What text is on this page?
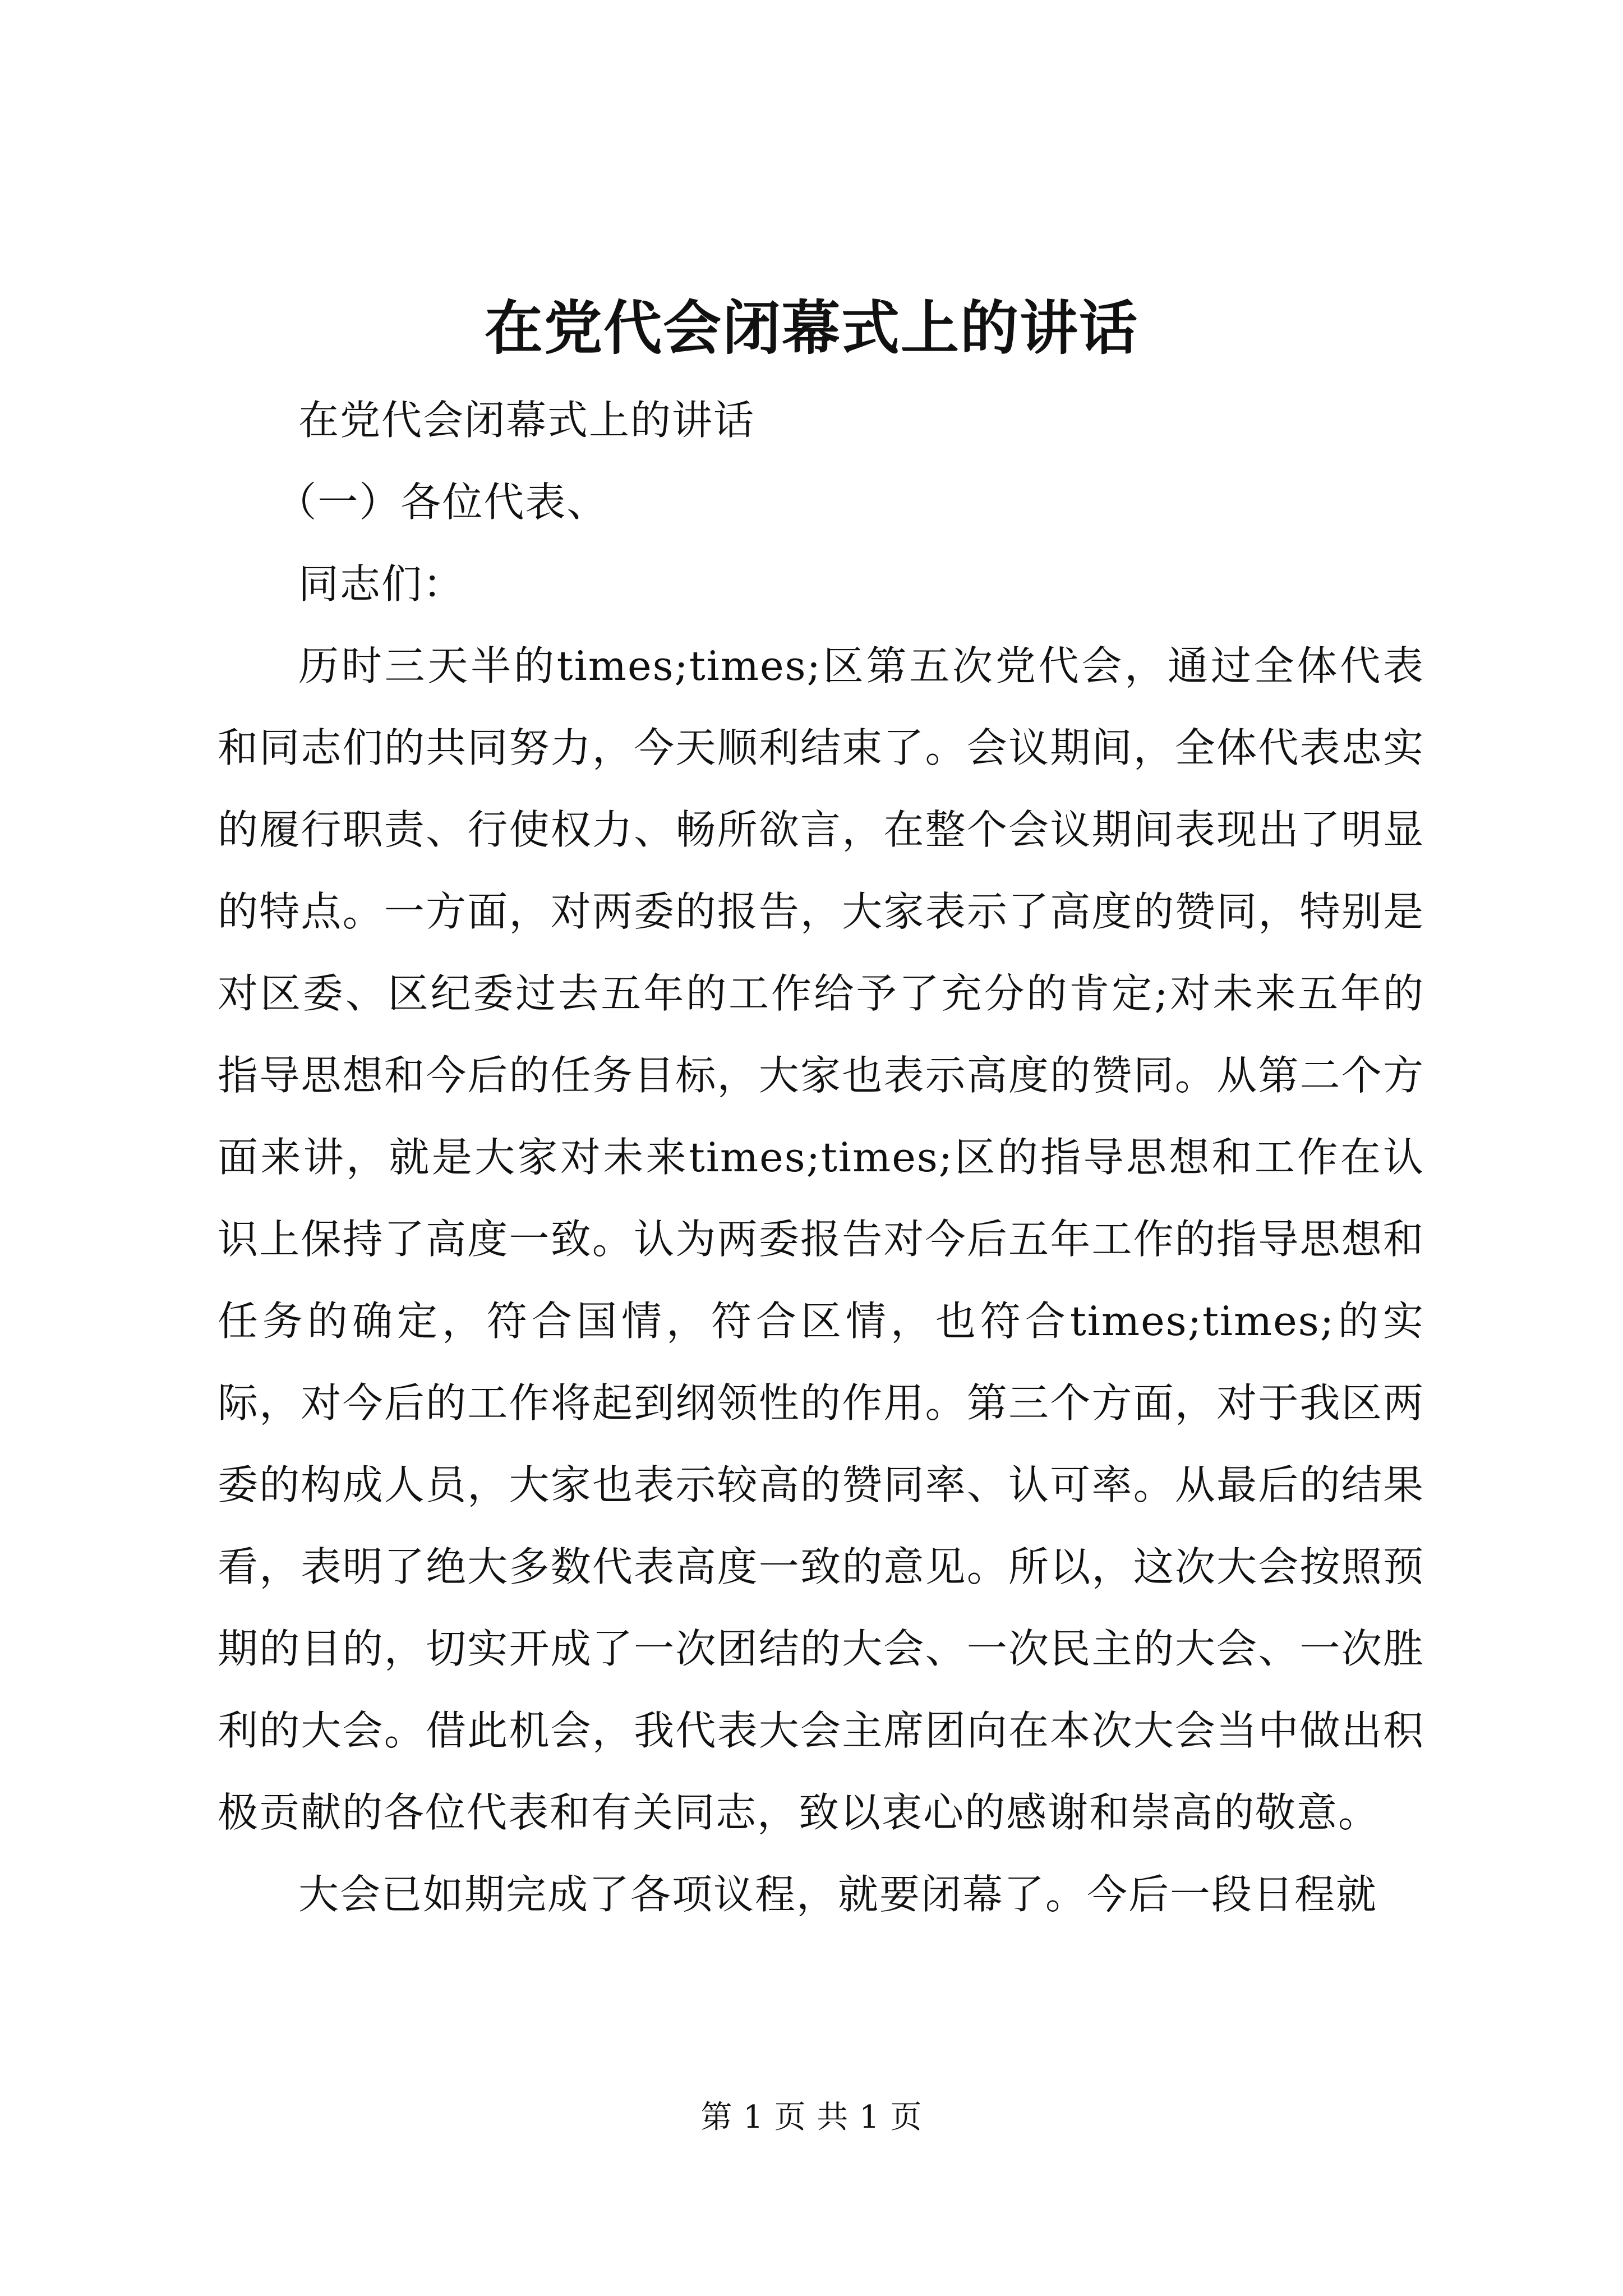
在党代会闭幕式上的讲话

在党代会闭幕式上的讲话

（一）各位代表、

同志们：

历时三天半的times;times;区第五次党代会，通过全体代表和同志们的共同努力，今天顺利结束了。会议期间，全体代表忠实的履行职责、行使权力、畅所欲言，在整个会议期间表现出了明显的特点。一方面，对两委的报告，大家表示了高度的赞同，特别是对区委、区纪委过去五年的工作给予了充分的肯定;对未来五年的指导思想和今后的任务目标，大家也表示高度的赞同。从第二个方面来讲，就是大家对未来times;times;区的指导思想和工作在认识上保持了高度一致。认为两委报告对今后五年工作的指导思想和任务的确定，符合国情，符合区情，也符合times;times;的实际，对今后的工作将起到纲领性的作用。第三个方面，对于我区两委的构成人员，大家也表示较高的赞同率、认可率。从最后的结果看，表明了绝大多数代表高度一致的意见。所以，这次大会按照预期的目的，切实开成了一次团结的大会、一次民主的大会、一次胜利的大会。借此机会，我代表大会主席团向在本次大会当中做出积极贡献的各位代表和有关同志，致以衷心的感谢和崇高的敬意。

大会已如期完成了各项议程，就要闭幕了。今后一段日程就

第 1 页 共 1 页
